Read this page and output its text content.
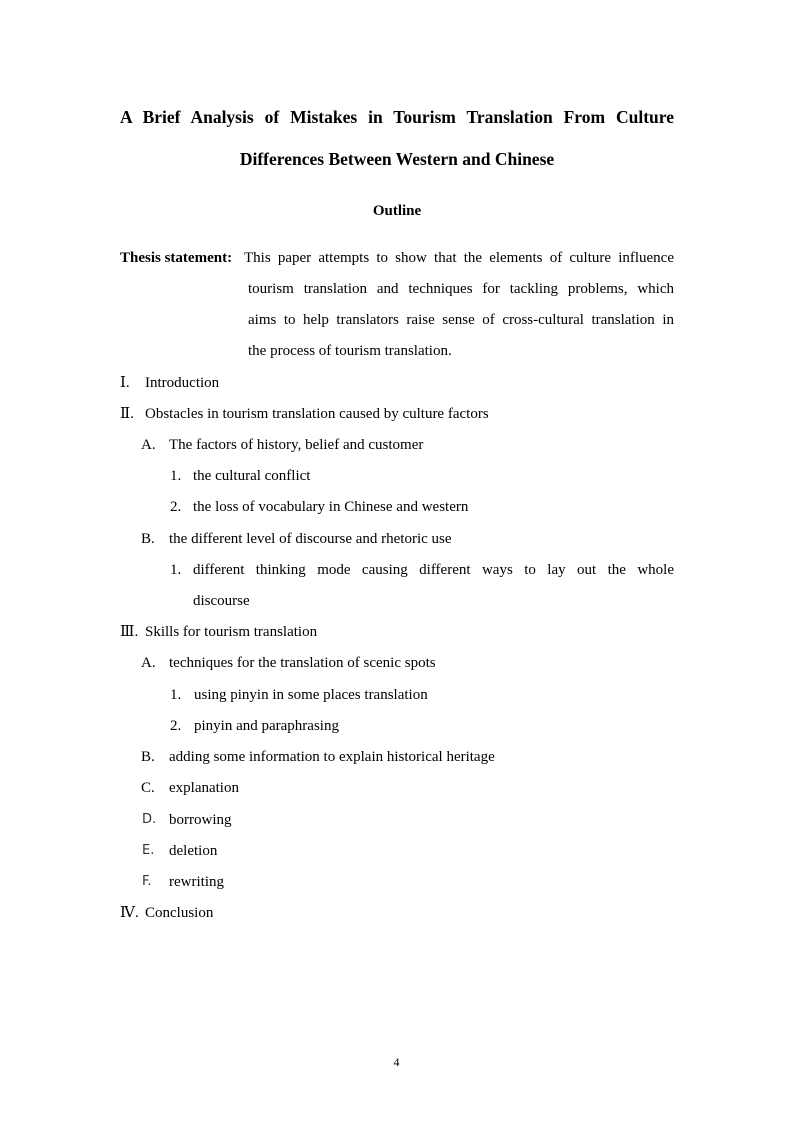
A Brief Analysis of Mistakes in Tourism Translation From Culture

Differences Between Western and Chinese

Outline

Thesis statement: This paper attempts to show that the elements of culture influence
tourism translation and techniques for tackling problems, which
aims to help translators raise sense of cross-cultural translation in
the process of tourism translation.
Ⅰ. Introduction
Ⅱ. Obstacles in tourism translation caused by culture factors
A. The factors of history, belief and customer
1. the cultural conflict
2. the loss of vocabulary in Chinese and western
B. the different level of discourse and rhetoric use
1. different thinking mode causing different ways to lay out the whole
discourse
Ⅲ. Skills for tourism translation
A. techniques for the translation of scenic spots
1. using pinyin in some places translation
2. pinyin and paraphrasing
B. adding some information to explain historical heritage
C. explanation
D. borrowing
E. deletion
F. rewriting
Ⅳ. Conclusion
4
